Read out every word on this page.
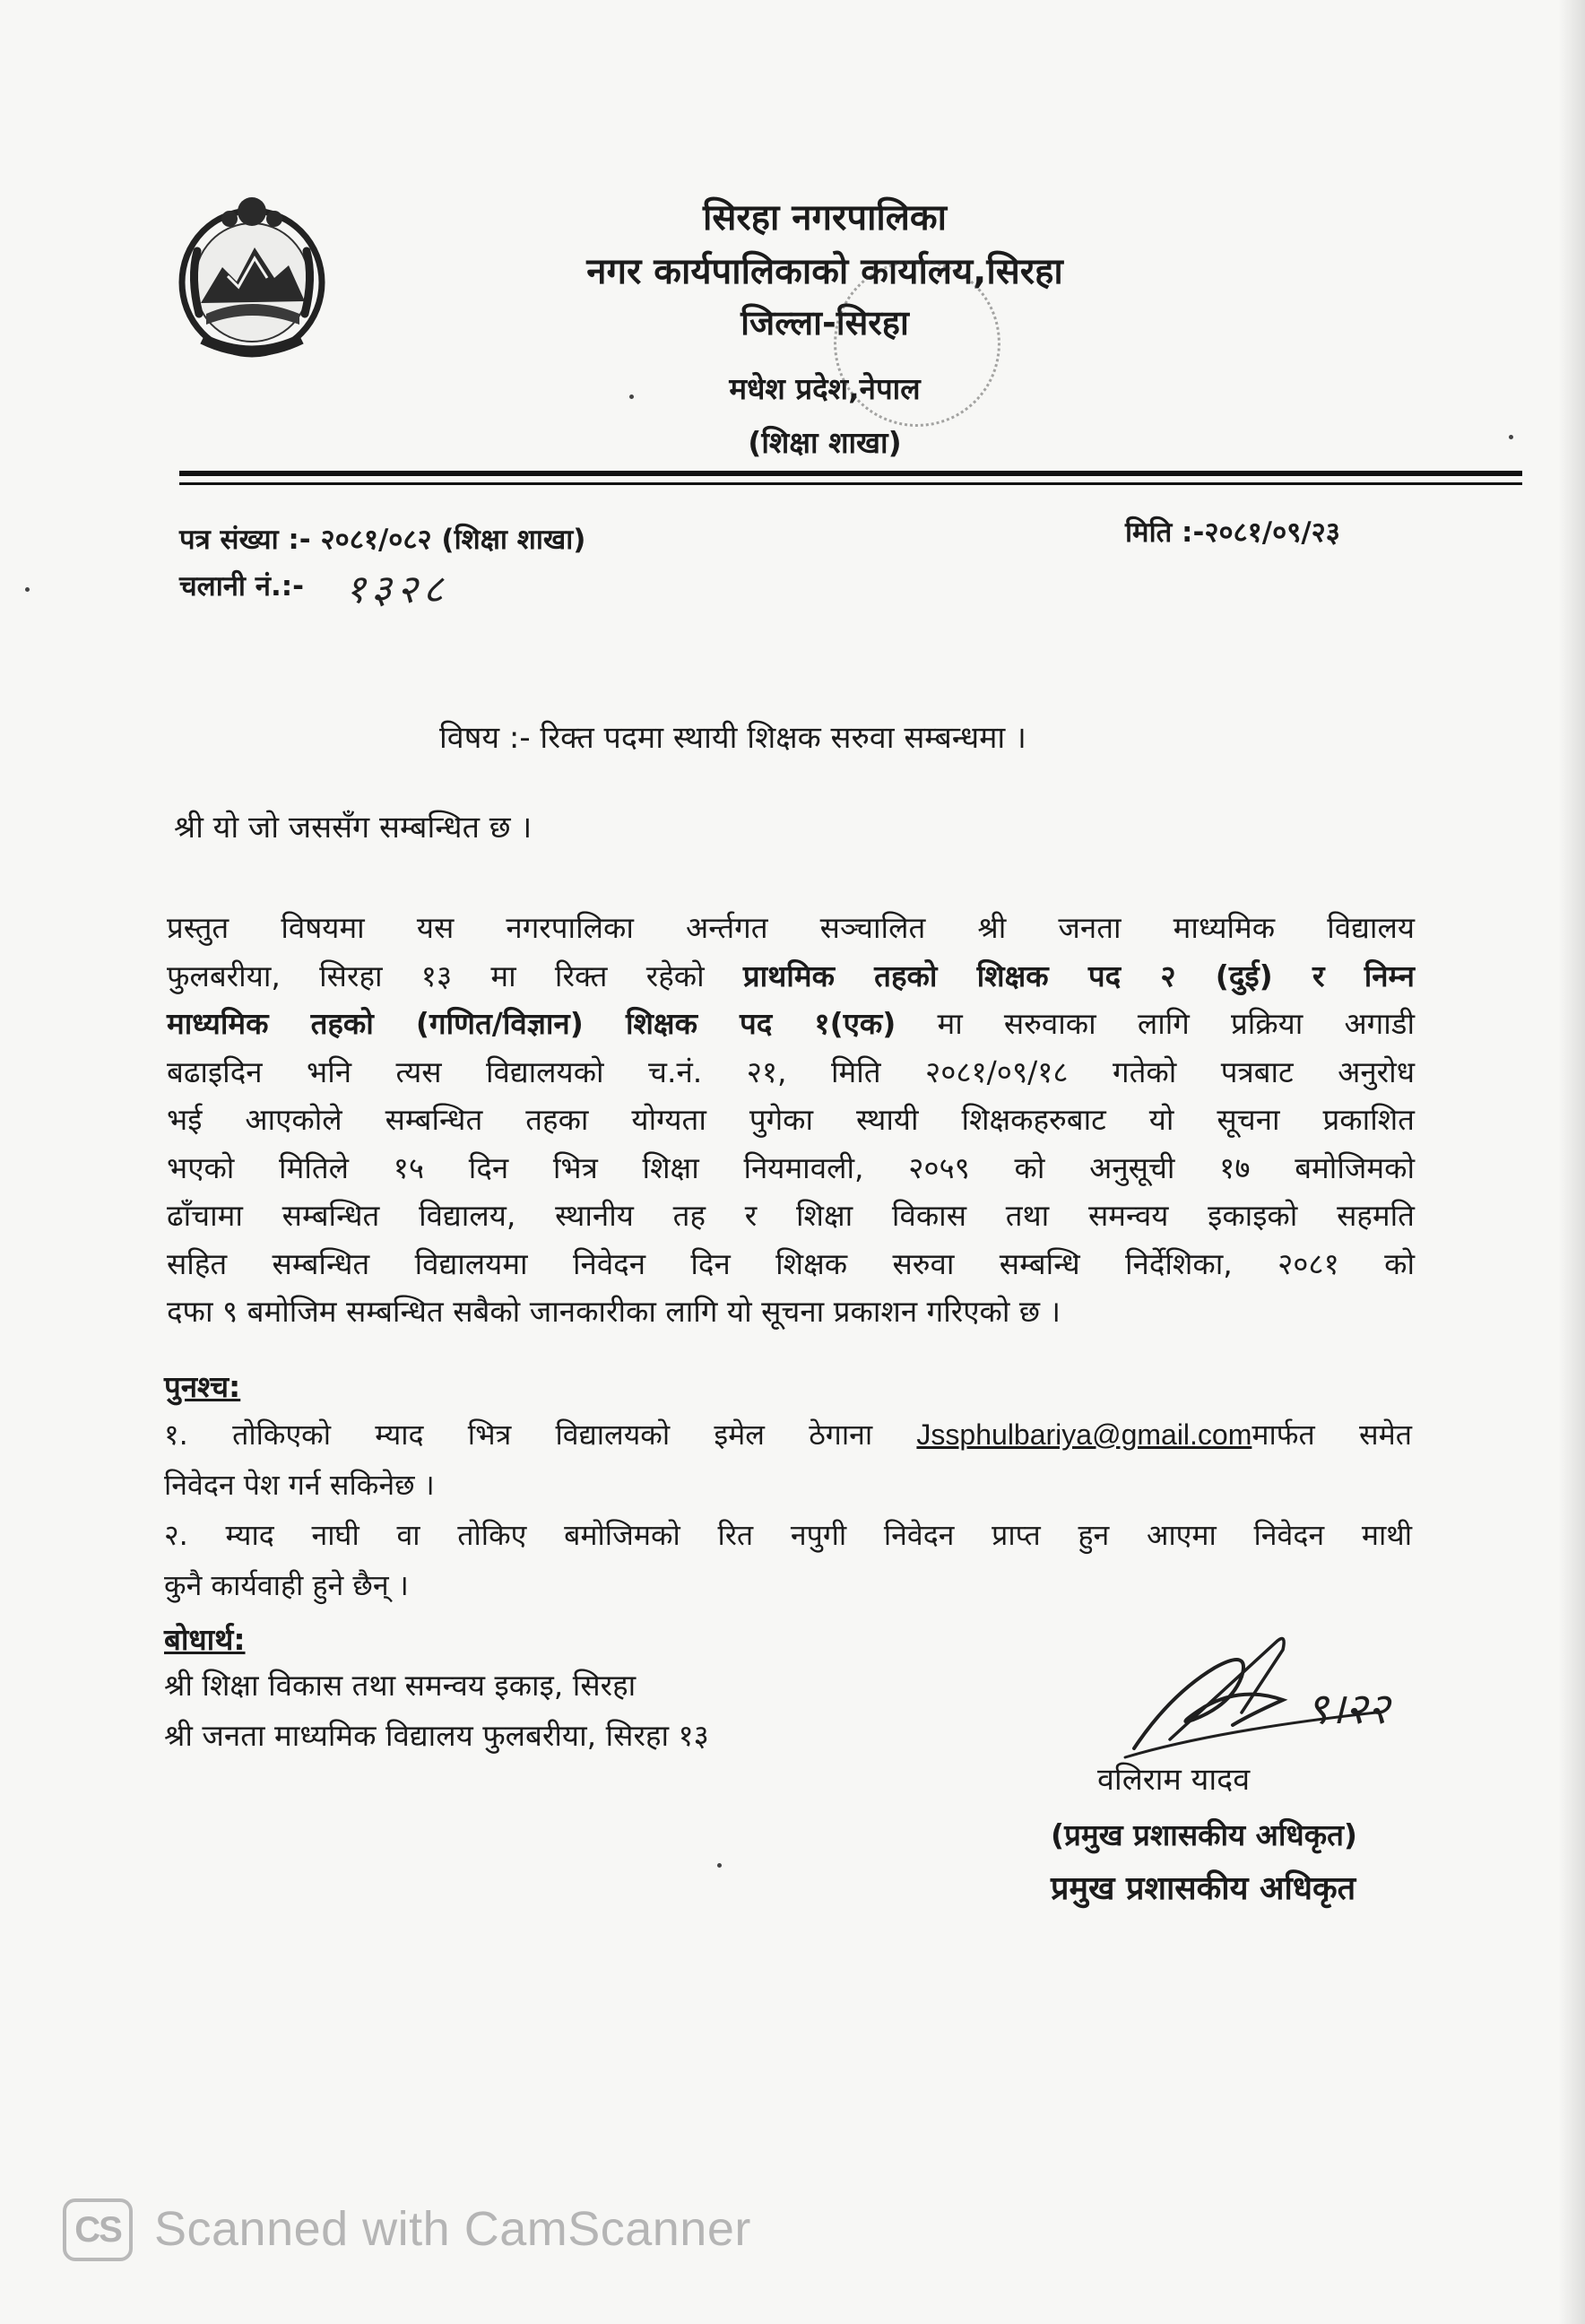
सिरहा नगरपालिका
नगर कार्यपालिकाको कार्यालय,सिरहा
जिल्ला-सिरहा
मधेश प्रदेश,नेपाल
(शिक्षा शाखा)
पत्र संख्या :- २०८१/०८२ (शिक्षा शाखा)	मिति :-२०८१/०९/२३
चलानी नं.:- १३२८
विषय :- रिक्त पदमा स्थायी शिक्षक सरुवा सम्बन्धमा ।
श्री यो जो जससँग सम्बन्धित छ ।
प्रस्तुत विषयमा यस नगरपालिका अर्न्तगत सञ्चालित श्री जनता माध्यमिक विद्यालय
फुलबरीया, सिरहा १३ मा रिक्त रहेको प्राथमिक तहको शिक्षक पद २ (दुई) र निम्न
माध्यमिक तहको (गणित/विज्ञान) शिक्षक पद १(एक) मा सरुवाका लागि प्रक्रिया अगाडी
बढाइदिन भनि त्यस विद्यालयको च.नं. २१, मिति २०८१/०९/१८ गतेको पत्रबाट अनुरोध
भई आएकोले सम्बन्धित तहका योग्यता पुगेका स्थायी शिक्षकहरुबाट यो सूचना प्रकाशित
भएको मितिले १५ दिन भित्र शिक्षा नियमावली, २०५९ को अनुसूची १७ बमोजिमको
ढाँचामा सम्बन्धित विद्यालय, स्थानीय तह र शिक्षा विकास तथा समन्वय इकाइको सहमति
सहित सम्बन्धित विद्यालयमा निवेदन दिन शिक्षक सरुवा सम्बन्धि निर्देशिका, २०८१ को
दफा ९ बमोजिम सम्बन्धित सबैको जानकारीका लागि यो सूचना प्रकाशन गरिएको छ ।
पुनश्च:
१. तोकिएको म्याद भित्र विद्यालयको इमेल ठेगाना Jssphulbariya@gmail.comमार्फत समेत
निवेदन पेश गर्न सकिनेछ ।
२. म्याद नाघी वा तोकिए बमोजिमको रित नपुगी निवेदन प्राप्त हुन आएमा निवेदन माथी
कुनै कार्यवाही हुने छैन् ।
बोधार्थ:
श्री शिक्षा विकास तथा समन्वय इकाइ, सिरहा
श्री जनता माध्यमिक विद्यालय फुलबरीया, सिरहा १३
९।२२
वलिराम यादव
(प्रमुख प्रशासकीय अधिकृत)
प्रमुख प्रशासकीय अधिकृत
CS Scanned with CamScanner
